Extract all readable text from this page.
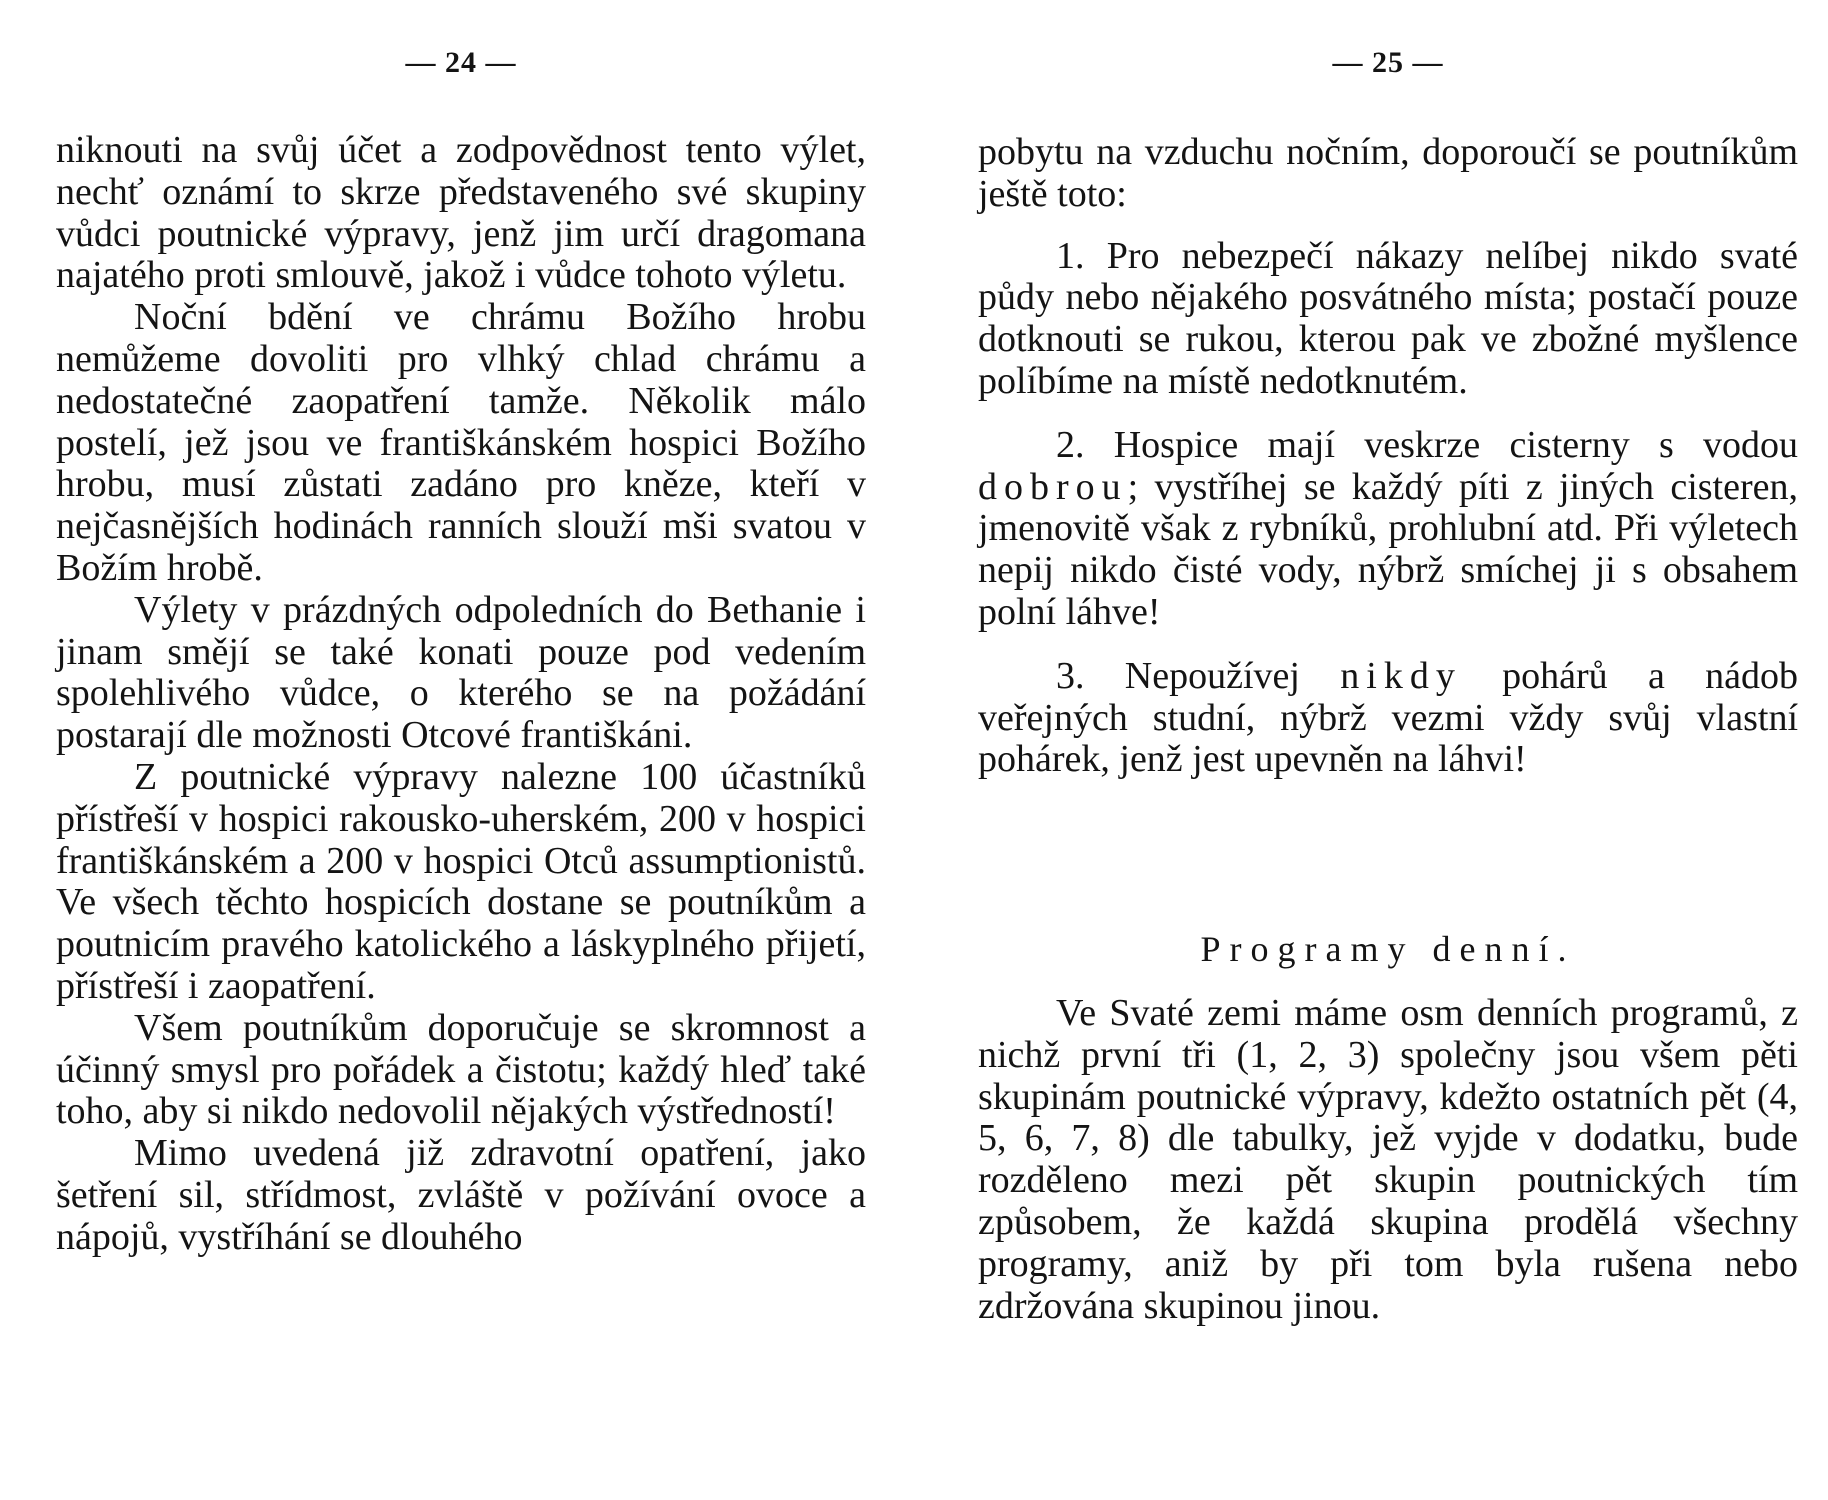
— 24 —

niknouti na svůj účet a zodpovědnost tento výlet, nechť oznámí to skrze představeného své skupiny vůdci poutnické výpravy, jenž jim určí dragomana najatého proti smlouvě, jakož i vůdce tohoto výletu.

Noční bdění ve chrámu Božího hrobu nemůžeme dovoliti pro vlhký chlad chrámu a nedostatečné zaopatření tamže. Několik málo postelí, jež jsou ve františkánském hospici Božího hrobu, musí zůstati zadáno pro kněze, kteří v nejčasnějších hodinách ranních slouží mši svatou v Božím hrobě.

Výlety v prázdných odpoledních do Bethanie i jinam smějí se také konati pouze pod vedením spolehlivého vůdce, o kterého se na požádání postarají dle možnosti Otcové františkáni.

Z poutnické výpravy nalezne 100 účastníků přístřeší v hospici rakousko-uherském, 200 v hospici františkánském a 200 v hospici Otců assumptionistů. Ve všech těchto hospicích dostane se poutníkům a poutnicím pravého katolického a láskyplného přijetí, přístřeší i zaopatření.

Všem poutníkům doporučuje se skromnost a účinný smysl pro pořádek a čistotu; každý hleď také toho, aby si nikdo nedovolil nějakých výstředností!

Mimo uvedená již zdravotní opatření, jako šetření sil, střídmost, zvláště v požívání ovoce a nápojů, vystříhání se dlouhého

— 25 —

pobytu na vzduchu nočním, doporoučí se poutníkům ještě toto:

1. Pro nebezpečí nákazy nelíbej nikdo svaté půdy nebo nějakého posvátného místa; postačí pouze dotknouti se rukou, kterou pak ve zbožné myšlence políbíme na místě nedotknutém.

2. Hospice mají veskrze cisterny s vodou dobrou; vystříhej se každý píti z jiných cisteren, jmenovitě však z rybníků, prohlubní atd. Při výletech nepij nikdo čisté vody, nýbrž smíchej ji s obsahem polní láhve!

3. Nepoužívej nikdy pohárů a nádob veřejných studní, nýbrž vezmi vždy svůj vlastní pohárek, jenž jest upevněn na láhvi!

Programy denní.

Ve Svaté zemi máme osm denních programů, z nichž první tři (1, 2, 3) společny jsou všem pěti skupinám poutnické výpravy, kdežto ostatních pět (4, 5, 6, 7, 8) dle tabulky, jež vyjde v dodatku, bude rozděleno mezi pět skupin poutnických tím způsobem, že každá skupina prodělá všechny programy, aniž by při tom byla rušena nebo zdržována skupinou jinou.
